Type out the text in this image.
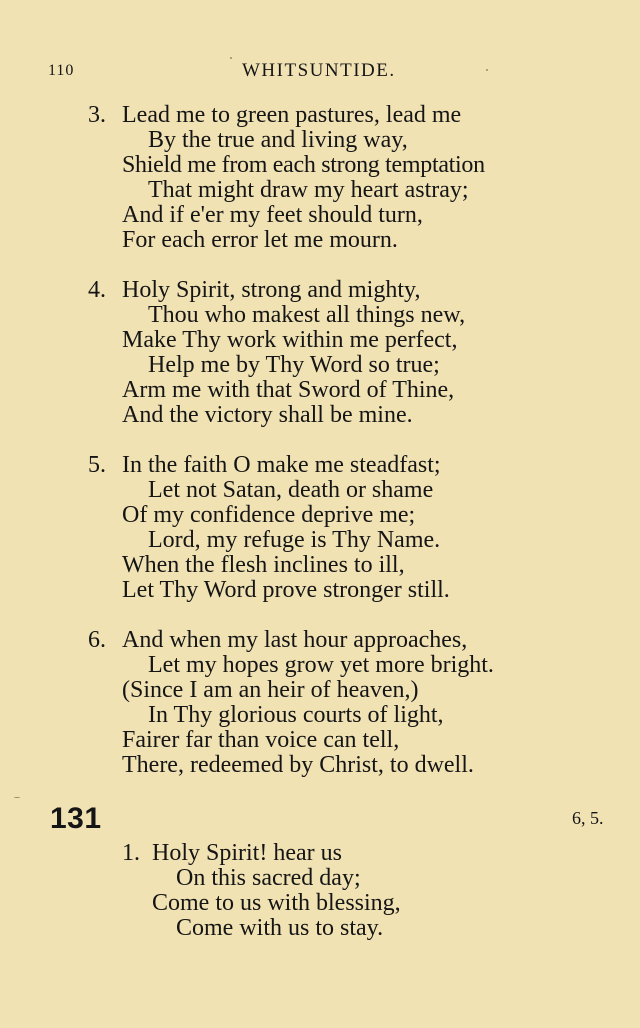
110	WHITSUNTIDE.
3. Lead me to green pastures, lead me
By the true and living way,
Shield me from each strong temptation
That might draw my heart astray;
And if e'er my feet should turn,
For each error let me mourn.
4. Holy Spirit, strong and mighty,
Thou who makest all things new,
Make Thy work within me perfect,
Help me by Thy Word so true;
Arm me with that Sword of Thine,
And the victory shall be mine.
5. In the faith O make me steadfast;
Let not Satan, death or shame
Of my confidence deprive me;
Lord, my refuge is Thy Name.
When the flesh inclines to ill,
Let Thy Word prove stronger still.
6. And when my last hour approaches,
Let my hopes grow yet more bright.
(Since I am an heir of heaven,)
In Thy glorious courts of light,
Fairer far than voice can tell,
There, redeemed by Christ, to dwell.
131	6, 5.
1. Holy Spirit! hear us
On this sacred day;
Come to us with blessing,
Come with us to stay.
